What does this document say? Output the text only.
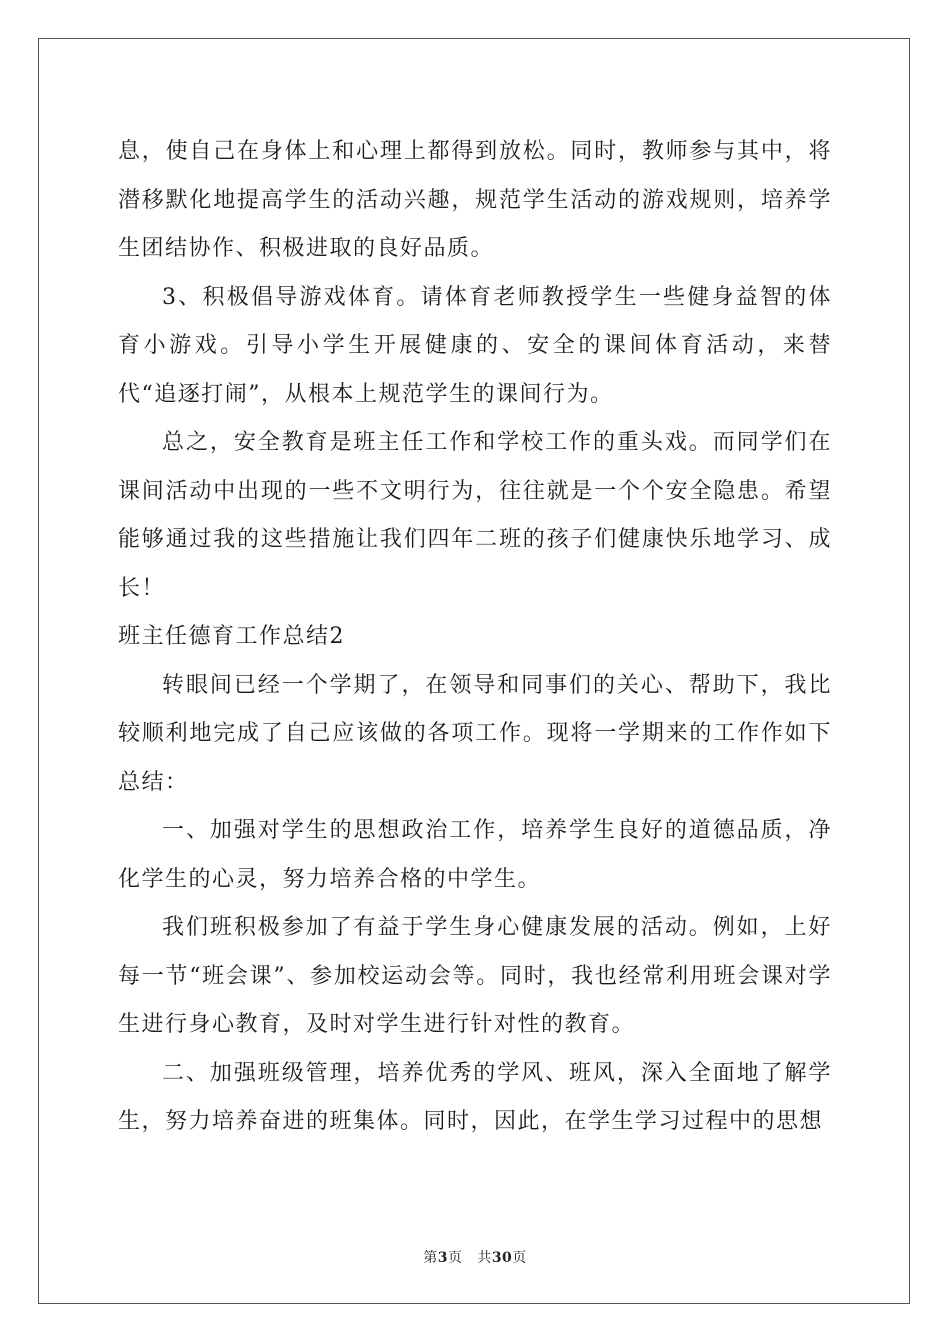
息，使自己在身体上和心理上都得到放松。同时，教师参与其中，将潜移默化地提高学生的活动兴趣，规范学生活动的游戏规则，培养学生团结协作、积极进取的良好品质。

3、积极倡导游戏体育。请体育老师教授学生一些健身益智的体育小游戏。引导小学生开展健康的、安全的课间体育活动，来替代“追逐打闹”，从根本上规范学生的课间行为。

总之，安全教育是班主任工作和学校工作的重头戏。而同学们在课间活动中出现的一些不文明行为，往往就是一个个安全隐患。希望能够通过我的这些措施让我们四年二班的孩子们健康快乐地学习、成长！

班主任德育工作总结2

转眼间已经一个学期了，在领导和同事们的关心、帮助下，我比较顺利地完成了自己应该做的各项工作。现将一学期来的工作作如下总结：

一、加强对学生的思想政治工作，培养学生良好的道德品质，净化学生的心灵，努力培养合格的中学生。

我们班积极参加了有益于学生身心健康发展的活动。例如，上好每一节“班会课”、参加校运动会等。同时，我也经常利用班会课对学生进行身心教育，及时对学生进行针对性的教育。

二、加强班级管理，培养优秀的学风、班风，深入全面地了解学生，努力培养奋进的班集体。同时，因此，在学生学习过程中的思想

第3页 共30页
